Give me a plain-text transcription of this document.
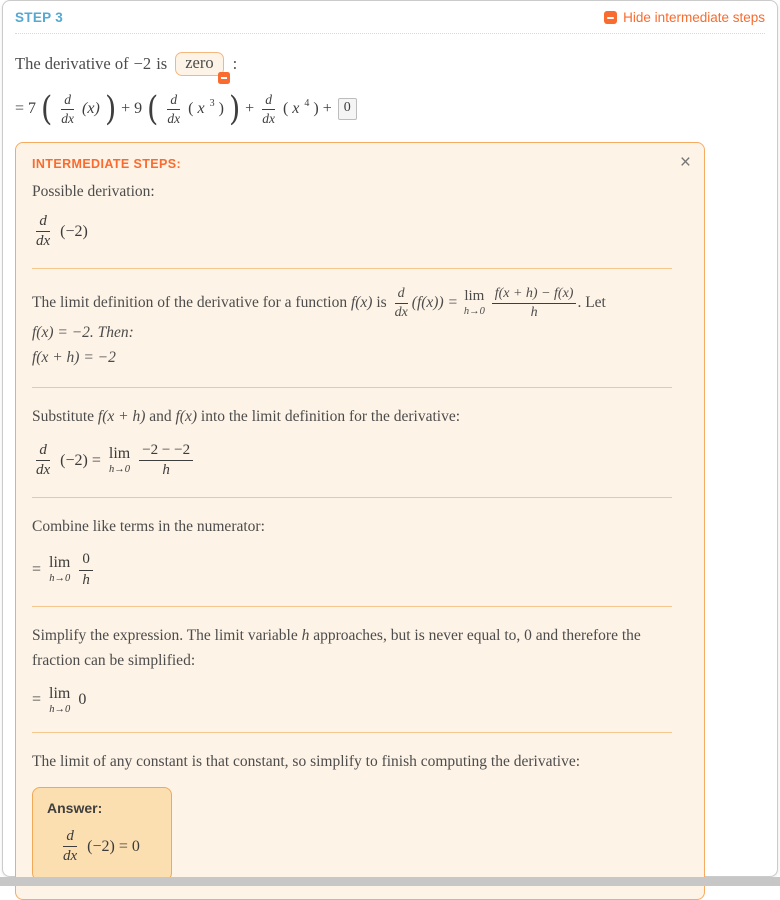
STEP 3	Hide intermediate steps
The derivative of −2 is	zero	:
= 7 ( $\frac{d}{dx} (x)$ ) + 9 ( $\frac{d}{dx}$ ( x 3 ) ) + $\frac{d}{dx}$ ( x 4 ) + 0
INTERMEDIATE STEPS:	×

Possible derivation:

$\frac{d}{dx} (-2)$

The limit definition of the derivative for a function f(x) is $\frac{d}{dx} (f(x)) = \lim$
h→0
$\frac{f(x + h) - f(x)}{h}$ . Let
f(x) = −2. Then:
f(x + h) = −2

Substitute f(x + h) and f(x) into the limit definition for the derivative:

$\frac{d}{dx} (-2) = \lim$
$h\to 0 \frac{-2 - -2}{h}$

Combine like terms in the numerator:

= lim
$h\to 0 \frac{0}{h}$

Simplify the expression. The limit variable h approaches, but is never equal to, 0 and therefore the fraction can be simplified:

= lim
h→0
0

The limit of any constant is that constant, so simplify to finish computing the derivative:

Answer:
$\frac{d}{dx} (-2) = 0$
